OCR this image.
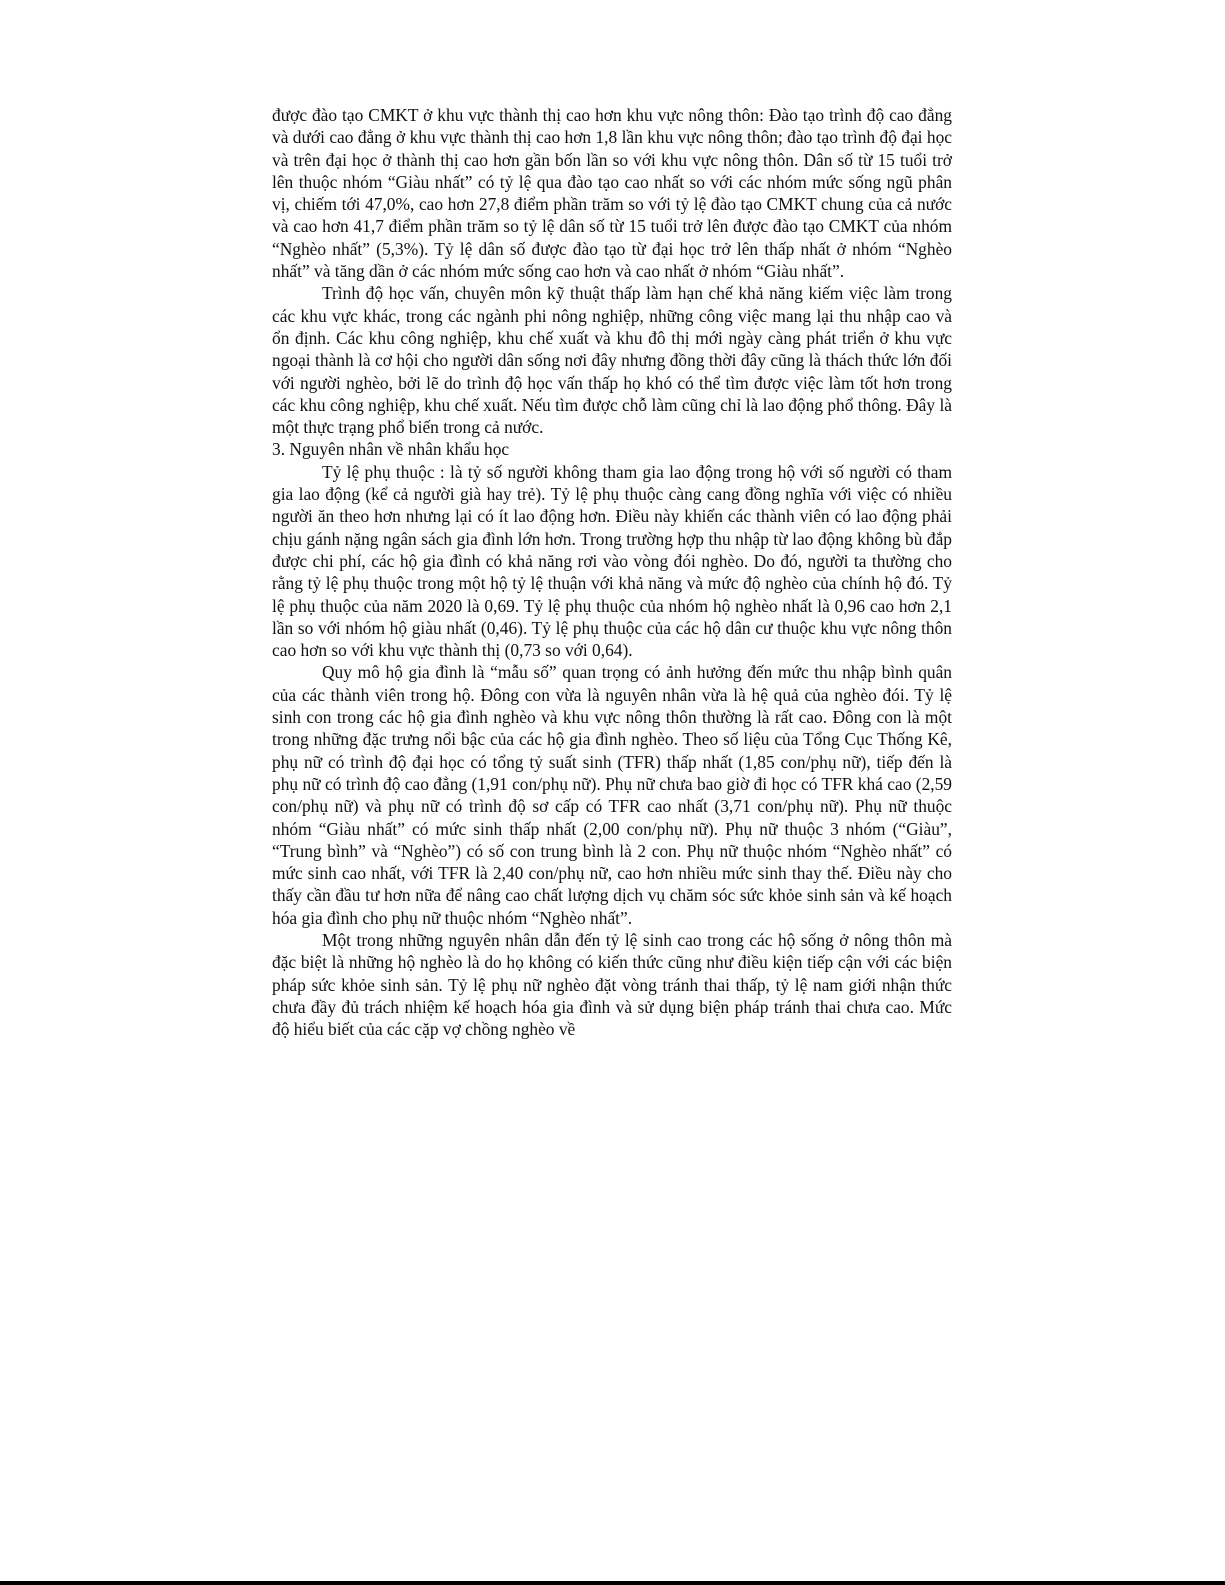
được đào tạo CMKT ở khu vực thành thị cao hơn khu vực nông thôn: Đào tạo trình độ cao đẳng và dưới cao đẳng ở khu vực thành thị cao hơn 1,8 lần khu vực nông thôn; đào tạo trình độ đại học và trên đại học ở thành thị cao hơn gần bốn lần so với khu vực nông thôn. Dân số từ 15 tuổi trở lên thuộc nhóm “Giàu nhất” có tỷ lệ qua đào tạo cao nhất so với các nhóm mức sống ngũ phân vị, chiếm tới 47,0%, cao hơn 27,8 điểm phần trăm so với tỷ lệ đào tạo CMKT chung của cả nước và cao hơn 41,7 điểm phần trăm so tỷ lệ dân số từ 15 tuổi trở lên được đào tạo CMKT của nhóm “Nghèo nhất” (5,3%). Tỷ lệ dân số được đào tạo từ đại học trở lên thấp nhất ở nhóm “Nghèo nhất” và tăng dần ở các nhóm mức sống cao hơn và cao nhất ở nhóm “Giàu nhất”.

Trình độ học vấn, chuyên môn kỹ thuật thấp làm hạn chế khả năng kiếm việc làm trong các khu vực khác, trong các ngành phi nông nghiệp, những công việc mang lại thu nhập cao và ổn định. Các khu công nghiệp, khu chế xuất và khu đô thị mới ngày càng phát triển ở khu vực ngoại thành là cơ hội cho người dân sống nơi đây nhưng đồng thời đây cũng là thách thức lớn đối với người nghèo, bởi lẽ do trình độ học vấn thấp họ khó có thể tìm được việc làm tốt hơn trong các khu công nghiệp, khu chế xuất. Nếu tìm được chỗ làm cũng chỉ là lao động phổ thông. Đây là một thực trạng phổ biến trong cả nước.

3. Nguyên nhân về nhân khẩu học

Tỷ lệ phụ thuộc : là tỷ số người không tham gia lao động trong hộ với số người có tham gia lao động (kể cả người già hay trẻ). Tỷ lệ phụ thuộc càng cang đồng nghĩa với việc có nhiều người ăn theo hơn nhưng lại có ít lao động hơn. Điều này khiến các thành viên có lao động phải chịu gánh nặng ngân sách gia đình lớn hơn. Trong trường hợp thu nhập từ lao động không bù đắp được chi phí, các hộ gia đình có khả năng rơi vào vòng đói nghèo. Do đó, người ta thường cho rằng tỷ lệ phụ thuộc trong một hộ tỷ lệ thuận với khả năng và mức độ nghèo của chính hộ đó. Tỷ lệ phụ thuộc của năm 2020 là 0,69. Tỷ lệ phụ thuộc của nhóm hộ nghèo nhất là 0,96 cao hơn 2,1 lần so với nhóm hộ giàu nhất (0,46). Tỷ lệ phụ thuộc của các hộ dân cư thuộc khu vực nông thôn cao hơn so với khu vực thành thị (0,73 so với 0,64).

Quy mô hộ gia đình là “mẫu số” quan trọng có ảnh hưởng đến mức thu nhập bình quân của các thành viên trong hộ. Đông con vừa là nguyên nhân vừa là hệ quả của nghèo đói. Tỷ lệ sinh con trong các hộ gia đình nghèo và khu vực nông thôn thường là rất cao. Đông con là một trong những đặc trưng nổi bậc của các hộ gia đình nghèo. Theo số liệu của Tổng Cục Thống Kê, phụ nữ có trình độ đại học có tổng tỷ suất sinh (TFR) thấp nhất (1,85 con/phụ nữ), tiếp đến là phụ nữ có trình độ cao đẳng (1,91 con/phụ nữ). Phụ nữ chưa bao giờ đi học có TFR khá cao (2,59 con/phụ nữ) và phụ nữ có trình độ sơ cấp có TFR cao nhất (3,71 con/phụ nữ). Phụ nữ thuộc nhóm “Giàu nhất” có mức sinh thấp nhất (2,00 con/phụ nữ). Phụ nữ thuộc 3 nhóm (“Giàu”, “Trung bình” và “Nghèo”) có số con trung bình là 2 con. Phụ nữ thuộc nhóm “Nghèo nhất” có mức sinh cao nhất, với TFR là 2,40 con/phụ nữ, cao hơn nhiều mức sinh thay thế. Điều này cho thấy cần đầu tư hơn nữa để nâng cao chất lượng dịch vụ chăm sóc sức khỏe sinh sản và kế hoạch hóa gia đình cho phụ nữ thuộc nhóm “Nghèo nhất”.

Một trong những nguyên nhân dẫn đến tỷ lệ sinh cao trong các hộ sống ở nông thôn mà đặc biệt là những hộ nghèo là do họ không có kiến thức cũng như điều kiện tiếp cận với các biện pháp sức khỏe sinh sản. Tỷ lệ phụ nữ nghèo đặt vòng tránh thai thấp, tỷ lệ nam giới nhận thức chưa đầy đủ trách nhiệm kế hoạch hóa gia đình và sử dụng biện pháp tránh thai chưa cao. Mức độ hiểu biết của các cặp vợ chồng nghèo về
